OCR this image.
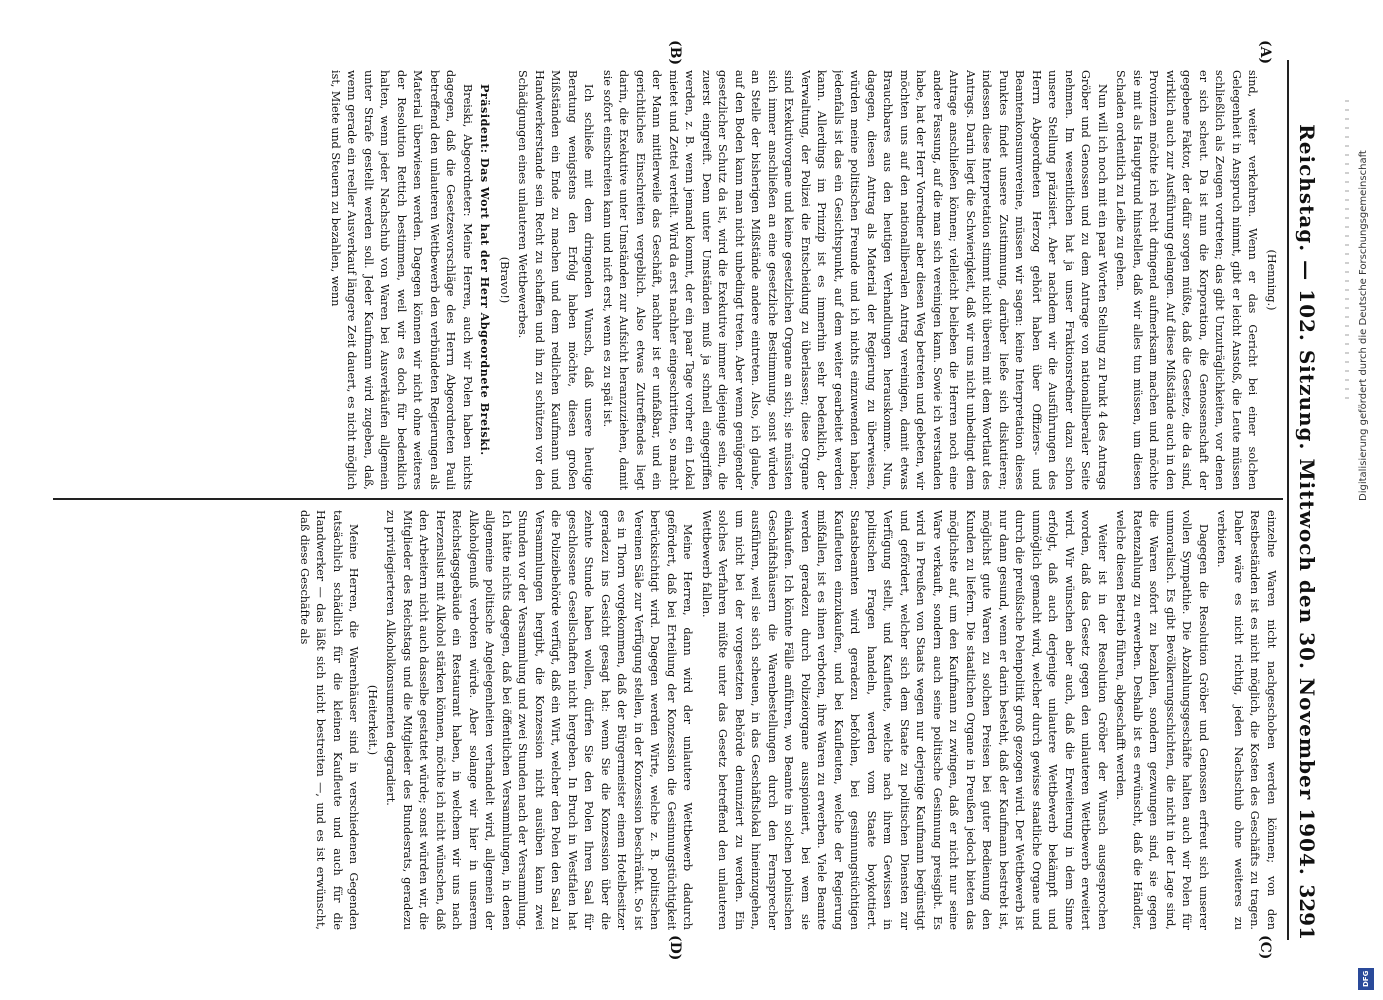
Reichstag. — 102. Sitzung. Mittwoch den 30. November 1904.
3291
(A)
(B)
(C)
(D)

(Henning.)

sind, weiter verkehren. Wenn er das Gericht bei einer solchen Gelegenheit in Anspruch nimmt, gibt er leicht Anstoß, die Leute müssen schließlich als Zeugen vortreten; das gibt Unzuträglichkeiten, vor denen er sich scheut. Da ist nun die Korporation, die Genossenschaft der gegebene Faktor, der dafür sorgen müßte, daß die Gesetze, die da sind, wirklich auch zur Ausführung gelangen. Auf diese Mißstände auch in den Provinzen möchte ich recht dringend aufmerksam machen und möchte sie mit als Hauptgrund hinstellen, daß wir alles tun müssen, um diesen Schaden ordentlich zu Leibe zu gehen.

Nun will ich noch mit ein paar Worten Stellung zu Punkt 4 des Antrags Gröber und Genossen und zu dem Antrage von nationalliberaler Seite nehmen. Im wesentlichen hat ja unser Fraktionsredner dazu schon unsere Stellung präzisiert. Aber nachdem wir die Ausführungen des Herrn Abgeordneten Herzog gehört haben über Offiziers- und Beamtenkonsumvereine, müssen wir sagen: keine Interpretation dieses Punktes findet unsere Zustimmung, darüber ließe sich diskutieren; indessen diese Interpretation stimmt nicht überein mit dem Wortlaut des Antrags. Darin liegt die Schwierigkeit, daß wir uns nicht unbedingt dem Antrage anschließen können; vielleicht belieben die Herren noch eine andere Fassung, auf die man sich vereinigen kann. Sowie ich verstanden habe, hat der Herr Vorredner aber diesen Weg betreten und gebeten, wir möchten uns auf den nationalliberalen Antrag vereinigen, damit etwas Brauchbares aus den heutigen Verhandlungen herauskomme. Nun, dagegen, diesen Antrag als Material der Regierung zu überweisen, würden meine politischen Freunde und ich nichts einzuwenden haben; jedenfalls ist das ein Gesichtspunkt, auf dem weiter gearbeitet werden kann. Allerdings im Prinzip ist es immerhin sehr bedenklich, der Verwaltung, der Polizei die Entscheidung zu überlassen; diese Organe sind Exekutivorgane und keine gesetzlichen Organe an sich; sie müssten sich immer anschließen an eine gesetzliche Bestimmung, sonst würden an Stelle der bisherigen Mißstände andere eintreten. Also, ich glaube, auf den Boden kann man nicht unbedingt treten. Aber wenn genügender gesetzlicher Schutz da ist, wird die Exekutive immer diejenige sein, die zuerst eingreift. Denn unter Umständen muß ja schnell eingegriffen werden, z. B. wenn jemand kommt, der ein paar Tage vorher ein Lokal mietet und Zettel verteilt. Wird da erst nachher eingeschritten, so macht der Mann mittlerweile das Geschäft, nachher ist er unfaßbar, und ein gerichtliches Einschreiten vergeblich. Also etwas Zutreffendes liegt darin, die Exekutive unter Umständen zur Aufsicht heranzuziehen, damit sie sofort einschreiten kann und nicft erst, wenn es zu spät ist.

Ich schließe mit dem dringenden Wunsch, daß unsere heutige Beratung wenigstens den Erfolg haben möchte, diesen großen Mißständen ein Ende zu machen und dem redlichen Kaufmann und Handwerkerstande sein Recht zu schaffen und ihn zu schützen vor den Schädigungen eines unlauteren Wettbewerbes.

(Bravo!)

Präsident: Das Wort hat der Herr Abgeordnete Breiski.

Breiski, Abgeordneter: Meine Herren, auch wir Polen haben nichts dagegen, daß die Gesetzesvorschläge des Herrn Abgeordneten Pauli betreffend den unlauteren Wettbewerb den verbündeten Regierungen als Material überwiesen werden. Dagegen können wir nicht ohne weiteres der Resolution Rettich bestimmen, weil wir es doch für bedenklich halten, wenn jeder Nachschub von Waren bei Ausverkäufen allgemein unter Strafe gestellt werden soll. Jeder Kaufmann wird zugeben, daß, wenn gerade ein reeller Ausverkauf längere Zeit dauert, es nicht möglich ist, Miete und Steuern zu bezahlen, wenn

einzelne Waren nicht nachgeschoben werden können; von den Restbeständen ist es nicht möglich, die Kosten des Geschäfts zu tragen. Daher wäre es nicht richtig, jeden Nachschub ohne weiteres zu verbieten.

Dagegen die Resolution Gröber und Genossen erfreut sich unserer vollen Sympathie. Die Abzahlungsgeschäfte halten auch wir Polen für unmoralisch. Es gibt Bevölkerungsschichten, die nicht in der Lage sind, die Waren sofort zu bezahlen, sondern gezwungen sind, sie gegen Ratenzahlung zu erwerben. Deshalb ist es erwünscht, daß die Händler, welche diesen Betrieb führen, abgeschafft werden.

Weiter ist in der Resolution Gröber der Wunsch ausgesprochen worden, daß das Gesetz gegen den unlauteren Wettbewerb erweitert wird. Wir wünschen aber auch, daß die Erweiterung in dem Sinne erfolgt, daß auch derjenige unlautere Wettbewerb bekämpft und unmöglich gemacht wird, welcher durch gewisse staatliche Organe und durch die preußische Polenpolitik groß gezogen wird. Der Wettbewerb ist nur dann gesund, wenn er darin besteht, daß der Kaufmann bestrebt ist, möglichst gute Waren zu solchen Preisen bei guter Bedienung den Kunden zu liefern. Die staatlichen Organe in Preußen jedoch bieten das möglichste auf, um den Kaufmann zu zwingen, daß er nicht nur seine Ware verkauft, sondern auch seine politische Gesinnung preisgibt. Es wird in Preußen von Staats wegen nur derjenige Kaufmann begünstigt und gefördert, welcher sich dem Staate zu politischen Diensten zur Verfügung stellt, und Kaufleute, welche nach ihrem Gewissen in politischen Fragen handeln, werden vom Staate boykottiert. Staatsbeamten wird geradezu befohlen, bei gesinnungstüchtigen Kaufleuten einzukaufen, und bei Kaufleuten, welche der Regierung mißfallen, ist es ihnen verboten, ihre Waren zu erwerben. Viele Beamte werden geradezu durch Polizeiorgane ausspioniert, bei wem sie einkaufen. Ich könnte Fälle anführen, wo Beamte in solchen polnischen Geschäftshäusern die Warenbestellungen durch den Fernsprecher ausführen, weil sie sich scheuen, in das Geschäftslokal hineinzugehen, um nicht bei der vorgesetzten Behörde denunziert zu werden. Ein solches Verfahren müßte unter das Gesetz betreffend den unlauteren Wettbewerb fallen.

Meine Herren, dann wird der unlautere Wettbewerb dadurch gefördert, daß bei Erteilung der Konzession die Gesinnungstüchtigkeit berücksichtigt wird. Dagegen werden Wirte, welche z. B. politischen Vereinen Säle zur Verfügung stellen, in der Konzession beschränkt. So ist es in Thorn vorgekommen, daß der Bürgermeister einem Hotelbesitzer geradezu ins Gesicht gesagt hat: wenn Sie die Konzession über die zehnte Stunde haben wollen, dürfen Sie den Polen Ihren Saal für geschlossene Gesellschaften nicht hergeben. In Bruch in Westfalen hat die Polizeibehörde verfügt, daß ein Wirt, welcher den Polen den Saal zu Versammlungen hergibt, die Konzession nicht ausüben kann zwei Stunden vor der Versammlung und zwei Stunden nach der Versammlung. Ich hätte nichts dagegen, daß bei öffentlichen Versammlungen, in denen allgemeine politische Angelegenheiten verhandelt wird, allgemein der Alkoholgenuß verboten würde. Aber solange wir hier in unserem Reichstagsgebäude ein Restaurant haben, in welchem wir uns nach Herzenslust mit Alkohol stärken können, möchte ich nicht wünschen, daß den Arbeitern nicht auch dasselbe gestattet würde; sonst würden wir, die Mitglieder des Reichstags und die Mitglieder des Bundesrats, geradezu zu privilegierteren Alkoholkonsumenten degradiert.

(Heiterkeit.)

Meine Herren, die Warenhäuser sind in verschiedenen Gegenden tatsächlich schädlich für die kleinen Kaufleute und auch für die Handwerker — das läßt sich nicht bestreiten —, und es ist erwünscht, daß diese Geschäfte als

Digitalisierung gefördert durch die Deutsche Forschungsgemeinschaft
DFG
